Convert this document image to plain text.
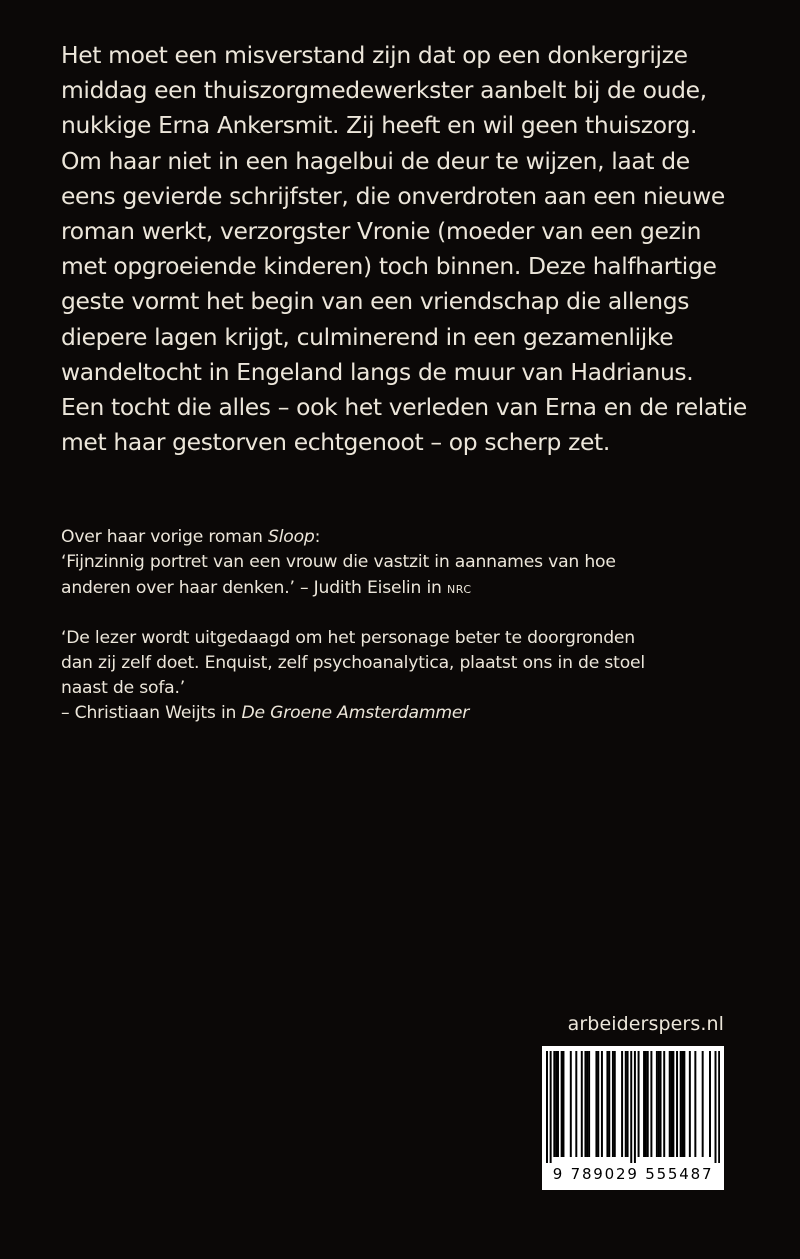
Het moet een misverstand zijn dat op een donkergrijze
middag een thuiszorgmedewerkster aanbelt bij de oude,
nukkige Erna Ankersmit. Zij heeft en wil geen thuiszorg.
Om haar niet in een hagelbui de deur te wijzen, laat de
eens gevierde schrijfster, die onverdroten aan een nieuwe
roman werkt, verzorgster Vronie (moeder van een gezin
met opgroeiende kinderen) toch binnen. Deze halfhartige
geste vormt het begin van een vriendschap die allengs
diepere lagen krijgt, culminerend in een gezamenlijke
wandeltocht in Engeland langs de muur van Hadrianus.
Een tocht die alles – ook het verleden van Erna en de relatie
met haar gestorven echtgenoot – op scherp zet.
Over haar vorige roman Sloop:
‘Fijnzinnig portret van een vrouw die vastzit in aannames van hoe
anderen over haar denken.’ – Judith Eiselin in nrc
‘De lezer wordt uitgedaagd om het personage beter te doorgronden
dan zij zelf doet. Enquist, zelf psychoanalytica, plaatst ons in de stoel
naast de sofa.’
– Christiaan Weijts in De Groene Amsterdammer
arbeiderspers.nl
9 789029 555487
